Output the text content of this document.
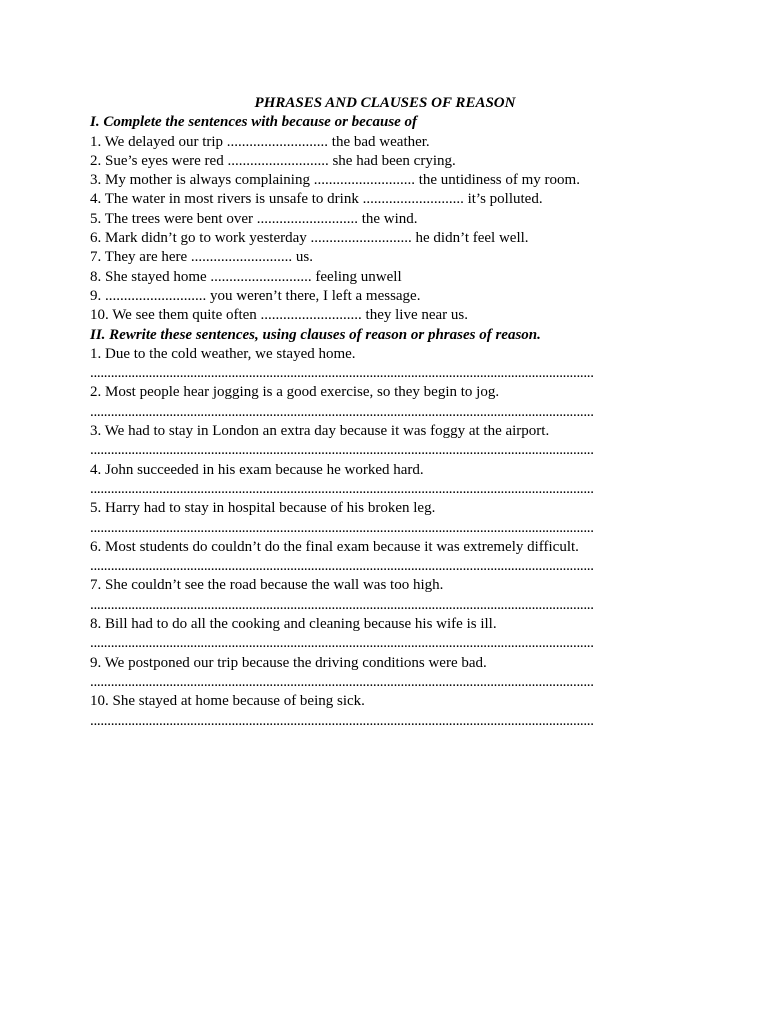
PHRASES AND CLAUSES OF REASON
I. Complete the sentences with because or because of
1. We delayed our trip ........................... the bad weather.
2. Sue’s eyes were red ........................... she had been crying.
3. My mother is always complaining ........................... the untidiness of my room.
4. The water in most rivers is unsafe to drink ........................... it’s polluted.
5. The trees were bent over ........................... the wind.
6. Mark didn’t go to work yesterday ........................... he didn’t feel well.
7. They are here ........................... us.
8. She stayed home ........................... feeling unwell
9. ........................... you weren’t there, I left a message.
10. We see them quite often ........................... they live near us.
II. Rewrite these sentences, using clauses of reason or phrases of reason.
1. Due to the cold weather, we stayed home.
..................................................................................................................................................
2. Most people hear jogging is a good exercise, so they begin to jog.
..................................................................................................................................................
3. We had to stay in London an extra day because it was foggy at the airport.
..................................................................................................................................................
4. John succeeded in his exam because he worked hard.
..................................................................................................................................................
5. Harry had to stay in hospital because of his broken leg.
..................................................................................................................................................
6. Most students do couldn’t do the final exam because it was extremely difficult.
..................................................................................................................................................
7. She couldn’t see the road because the wall was too high.
..................................................................................................................................................
8. Bill had to do all the cooking and cleaning because his wife is ill.
..................................................................................................................................................
9. We postponed our trip because the driving conditions were bad.
..................................................................................................................................................
10. She stayed at home because of being sick.
..................................................................................................................................................
